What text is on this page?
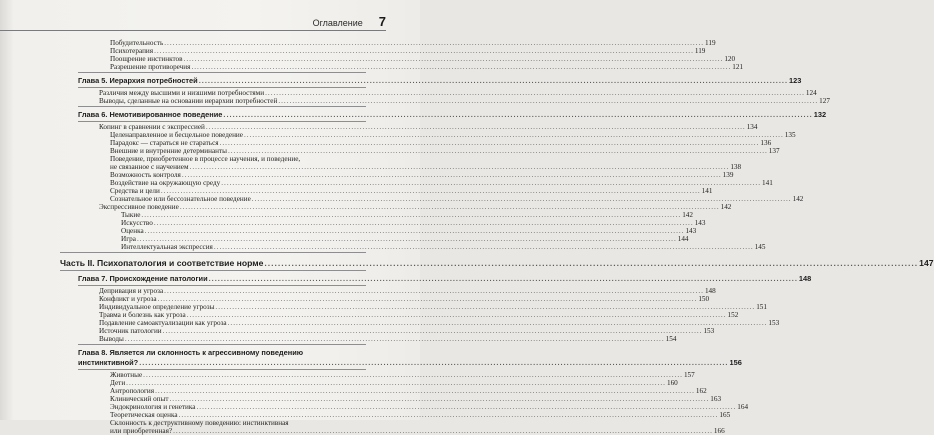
Оглавление 7
Побудительность .....	119
Психотерапия .....	119
Поощрение инстинктов .....	120
Разрешение противоречия .....	121
Глава 5. Иерархия потребностей .....	123
Различия между высшими и низшими потребностями .....	124
Выводы, сделанные на основании иерархии потребностей .....	127
Глава 6. Немотивированное поведение .....	132
Копинг в сравнении с экспрессией .....	134
Целенаправленное и бесцельное поведение .....	135
Парадокс — стараться не стараться .....	136
Внешние и внутренние детерминанты .....	137
Поведение, приобретенное в процессе научения, и поведение,
не связанное с научением .....	138
Возможность контроля .....	139
Воздействие на окружающую среду .....	141
Средства и цели .....	141
Сознательное или бессознательное поведение .....	142
Экспрессивное поведение .....	142
Тыкие .....	142
Искусство .....	143
Оценка .....	143
Игра .....	144
Интеллектуальная экспрессия .....	145
Часть II. Психопатология и соответствие норме .....	147
Глава 7. Происхождение патологии .....	148
Депривация и угроза .....	148
Конфликт и угроза .....	150
Индивидуальное определение угрозы .....	151
Травма и болезнь как угроза .....	152
Подавление самоактуализации как угроза .....	153
Источник патологии .....	153
Выводы .....	154
Глава 8. Является ли склонность к агрессивному поведению
инстинктивной? .....	156
Животные .....	157
Дети .....	160
Антропология .....	162
Клинический опыт .....	163
Эндокринология и генетика .....	164
Теоретическая оценка .....	165
Склонность к деструктивному поведению: инстинктивная
или приобретенная? .....	166
